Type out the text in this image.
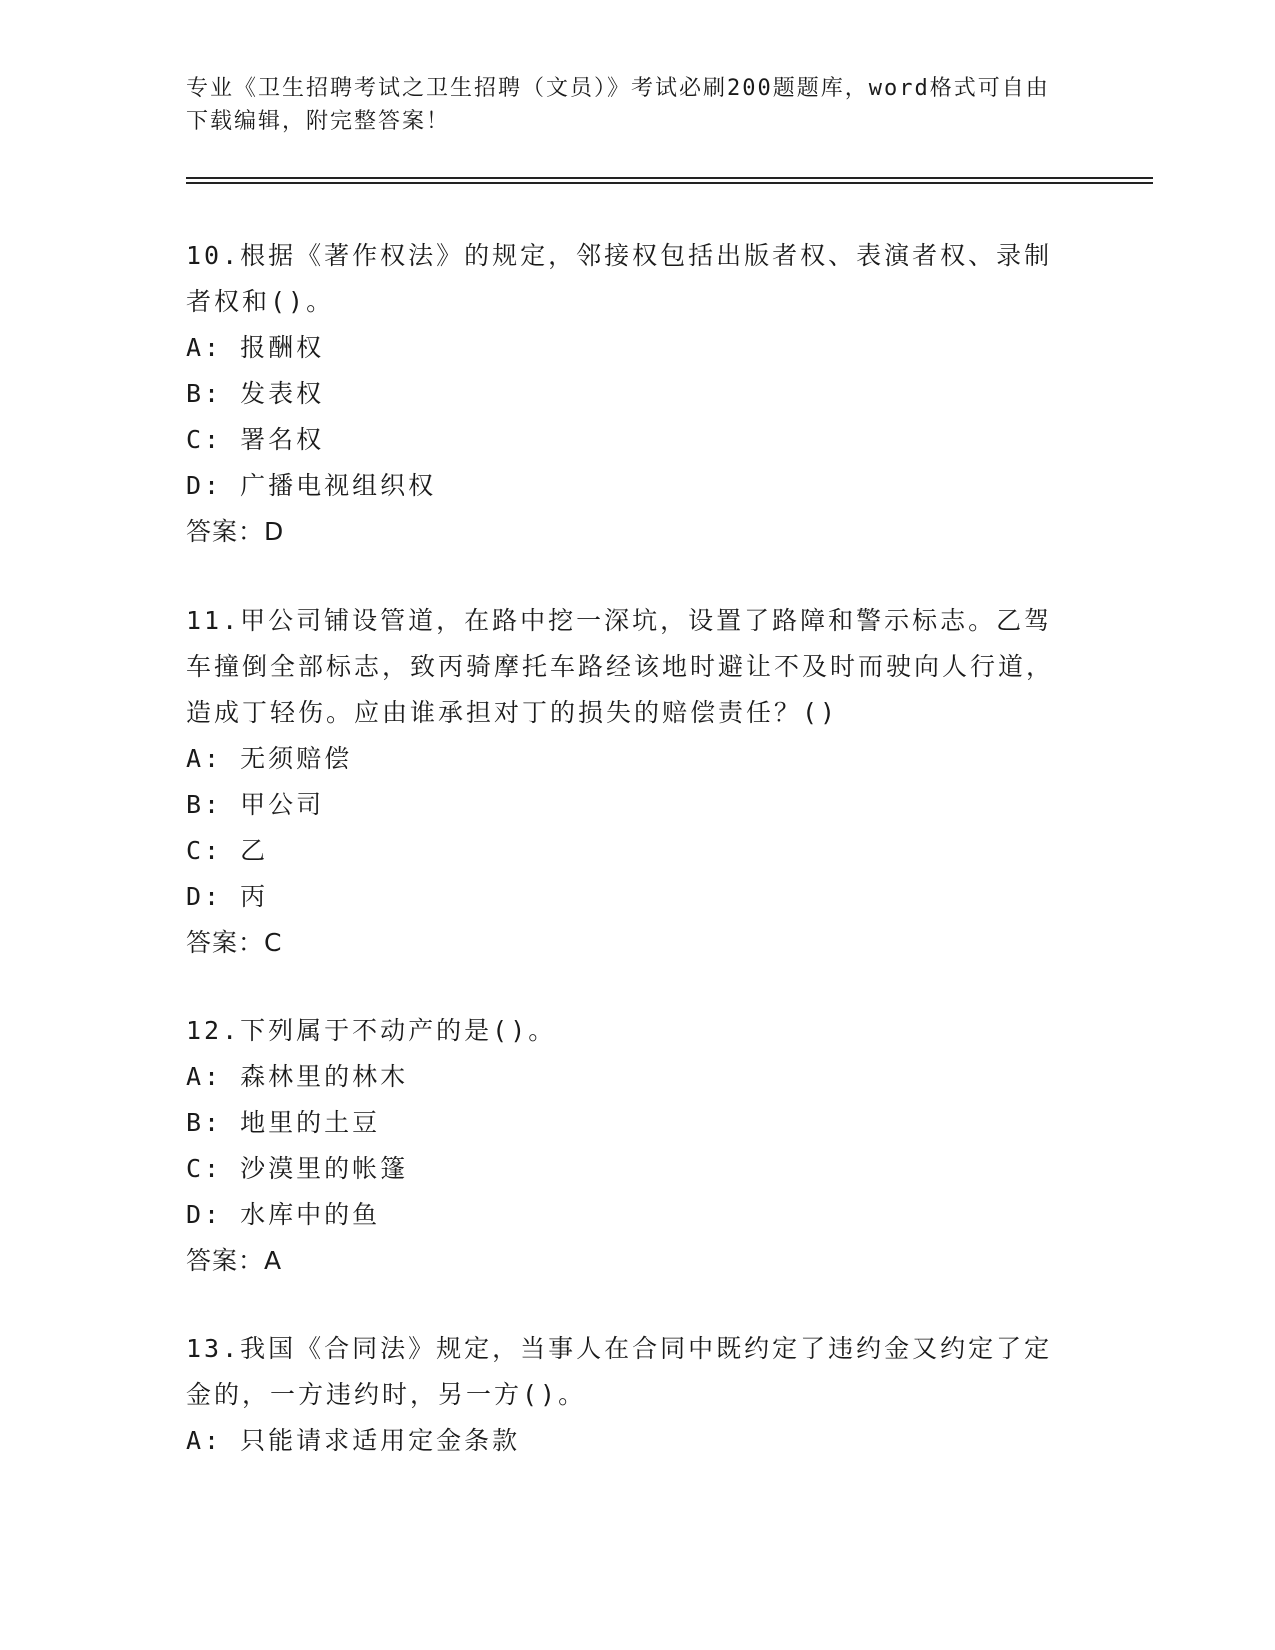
专业《卫生招聘考试之卫生招聘（文员）》考试必刷200题题库，word格式可自由下载编辑，附完整答案！

10.根据《著作权法》的规定，邻接权包括出版者权、表演者权、录制者权和()。

A: 报酬权

B: 发表权

C: 署名权

D: 广播电视组织权

答案：D

11.甲公司铺设管道，在路中挖一深坑，设置了路障和警示标志。乙驾车撞倒全部标志，致丙骑摩托车路经该地时避让不及时而驶向人行道，造成丁轻伤。应由谁承担对丁的损失的赔偿责任？()

A: 无须赔偿

B: 甲公司

C: 乙

D: 丙

答案：C

12.下列属于不动产的是()。

A: 森林里的林木

B: 地里的土豆

C: 沙漠里的帐篷

D: 水库中的鱼

答案：A

13.我国《合同法》规定，当事人在合同中既约定了违约金又约定了定金的，一方违约时，另一方()。

A: 只能请求适用定金条款
